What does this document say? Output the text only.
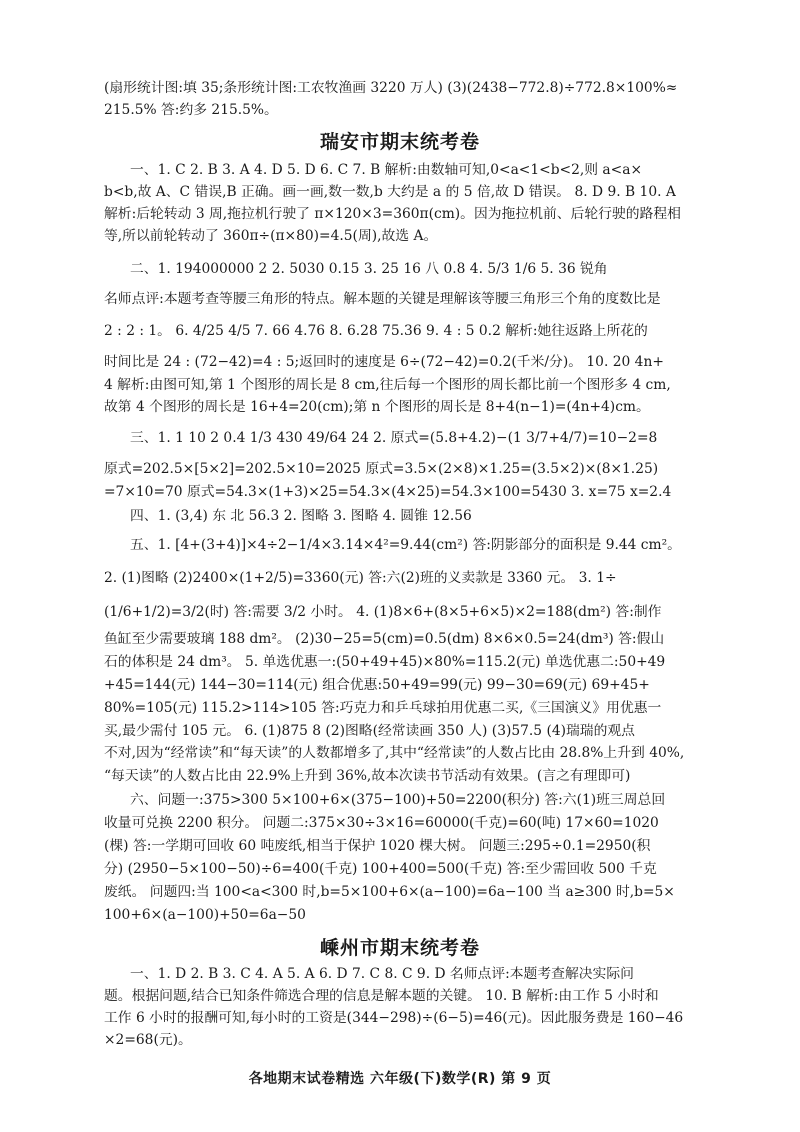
(扇形统计图:填 35;条形统计图:工农牧渔画 3220 万人) (3)(2438−772.8)÷772.8×100%≈
215.5% 答:约多 215.5%。
瑞安市期末统考卷
一、1. C 2. B 3. A 4. D 5. D 6. C 7. B 解析:由数轴可知,0<a<1<b<2,则 a<a×
b<b,故 A、C 错误,B 正确。画一画,数一数,b 大约是 a 的 5 倍,故 D 错误。 8. D 9. B 10. A
解析:后轮转动 3 周,拖拉机行驶了 π×120×3=360π(cm)。因为拖拉机前、后轮行驶的路程相
等,所以前轮转动了 360π÷(π×80)=4.5(周),故选 A。
二、1. 194000000 2 2. 5030 0.15 3. 25 16 八 0.8 4. 5/3 1/6 5. 36 锐角
名师点评:本题考查等腰三角形的特点。解本题的关键是理解该等腰三角形三个角的度数比是
2 : 2 : 1。 6. 4/25 4/5 7. 66 4.76 8. 6.28 75.36 9. 4 : 5 0.2 解析:她往返路上所花的
时间比是 24 : (72−42)=4 : 5;返回时的速度是 6÷(72−42)=0.2(千米/分)。 10. 20 4n+
4 解析:由图可知,第 1 个图形的周长是 8 cm,往后每一个图形的周长都比前一个图形多 4 cm,
故第 4 个图形的周长是 16+4=20(cm);第 n 个图形的周长是 8+4(n−1)=(4n+4)cm。
三、1. 1 10 2 0.4 1/3 430 49/64 24 2. 原式=(5.8+4.2)−(1 3/7+4/7)=10−2=8
原式=202.5×[5×2]=202.5×10=2025 原式=3.5×(2×8)×1.25=(3.5×2)×(8×1.25)
=7×10=70 原式=54.3×(1+3)×25=54.3×(4×25)=54.3×100=5430 3. x=75 x=2.4
四、1. (3,4) 东 北 56.3 2. 图略 3. 图略 4. 圆锥 12.56
五、1. [4+(3+4)]×4÷2−1/4×3.14×4²=9.44(cm²) 答:阴影部分的面积是 9.44 cm²。
2. (1)图略 (2)2400×(1+2/5)=3360(元) 答:六(2)班的义卖款是 3360 元。 3. 1÷
(1/6+1/2)=3/2(时) 答:需要 3/2 小时。 4. (1)8×6+(8×5+6×5)×2=188(dm²) 答:制作
鱼缸至少需要玻璃 188 dm²。 (2)30−25=5(cm)=0.5(dm) 8×6×0.5=24(dm³) 答:假山
石的体积是 24 dm³。 5. 单选优惠一:(50+49+45)×80%=115.2(元) 单选优惠二:50+49
+45=144(元) 144−30=114(元) 组合优惠:50+49=99(元) 99−30=69(元) 69+45+
80%=105(元) 115.2>114>105 答:巧克力和乒乓球拍用优惠二买,《三国演义》用优惠一
买,最少需付 105 元。 6. (1)875 8 (2)图略(经常读画 350 人) (3)57.5 (4)瑞瑞的观点
不对,因为“经常读”和“每天读”的人数都增多了,其中“经常读”的人数占比由 28.8%上升到 40%,
“每天读”的人数占比由 22.9%上升到 36%,故本次读书节活动有效果。(言之有理即可)
六、问题一:375>300 5×100+6×(375−100)+50=2200(积分) 答:六(1)班三周总回
收量可兑换 2200 积分。 问题二:375×30÷3×16=60000(千克)=60(吨) 17×60=1020
(棵) 答:一学期可回收 60 吨废纸,相当于保护 1020 棵大树。 问题三:295÷0.1=2950(积
分) (2950−5×100−50)÷6=400(千克) 100+400=500(千克) 答:至少需回收 500 千克
废纸。 问题四:当 100<a<300 时,b=5×100+6×(a−100)=6a−100 当 a≥300 时,b=5×
100+6×(a−100)+50=6a−50
嵊州市期末统考卷
一、1. D 2. B 3. C 4. A 5. A 6. D 7. C 8. C 9. D 名师点评:本题考查解决实际问
题。根据问题,结合已知条件筛选合理的信息是解本题的关键。 10. B 解析:由工作 5 小时和
工作 6 小时的报酬可知,每小时的工资是(344−298)÷(6−5)=46(元)。因此服务费是 160−46
×2=68(元)。
各地期末试卷精选 六年级(下)数学(R) 第 9 页
